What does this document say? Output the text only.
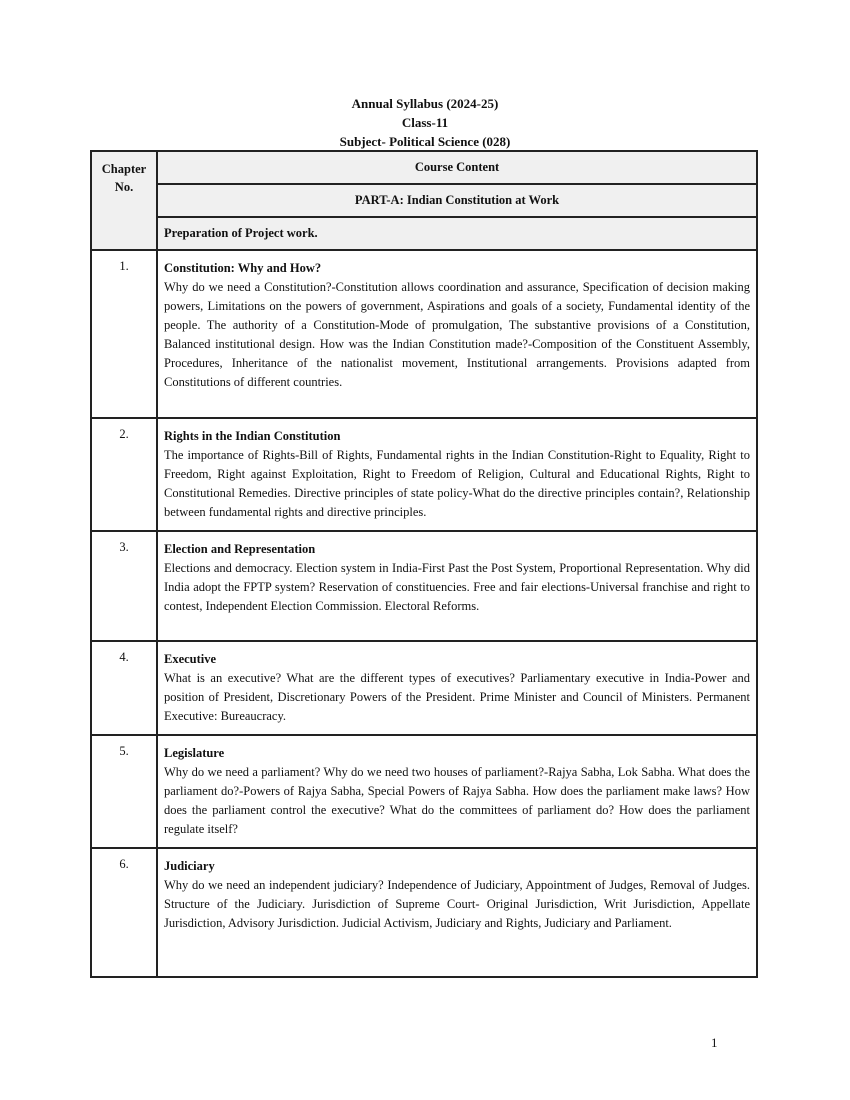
Annual Syllabus (2024-25)
Class-11
Subject- Political Science (028)
Chapter No.	Course Content

PART-A: Indian Constitution at Work

Preparation of Project work.

1.	Constitution: Why and How?
Why do we need a Constitution?-Constitution allows coordination and assurance, Specification of decision making powers, Limitations on the powers of government, Aspirations and goals of a society, Fundamental identity of the people. The authority of a Constitution-Mode of promulgation, The substantive provisions of a Constitution, Balanced institutional design. How was the Indian Constitution made?-Composition of the Constituent Assembly, Procedures, Inheritance of the nationalist movement, Institutional arrangements. Provisions adapted from Constitutions of different countries.

2.	Rights in the Indian Constitution
The importance of Rights-Bill of Rights, Fundamental rights in the Indian Constitution-Right to Equality, Right to Freedom, Right against Exploitation, Right to Freedom of Religion, Cultural and Educational Rights, Right to Constitutional Remedies. Directive principles of state policy-What do the directive principles contain?, Relationship between fundamental rights and directive principles.

3.	Election and Representation
Elections and democracy. Election system in India-First Past the Post System, Proportional Representation. Why did India adopt the FPTP system? Reservation of constituencies. Free and fair elections-Universal franchise and right to contest, Independent Election Commission. Electoral Reforms.

4.	Executive
What is an executive? What are the different types of executives? Parliamentary executive in India-Power and position of President, Discretionary Powers of the President. Prime Minister and Council of Ministers. Permanent Executive: Bureaucracy.

5.	Legislature
Why do we need a parliament? Why do we need two houses of parliament?-Rajya Sabha, Lok Sabha. What does the parliament do?-Powers of Rajya Sabha, Special Powers of Rajya Sabha. How does the parliament make laws? How does the parliament control the executive? What do the committees of parliament do? How does the parliament regulate itself?

6.	Judiciary
Why do we need an independent judiciary? Independence of Judiciary, Appointment of Judges, Removal of Judges. Structure of the Judiciary. Jurisdiction of Supreme Court- Original Jurisdiction, Writ Jurisdiction, Appellate Jurisdiction, Advisory Jurisdiction. Judicial Activism, Judiciary and Rights, Judiciary and Parliament.
1
